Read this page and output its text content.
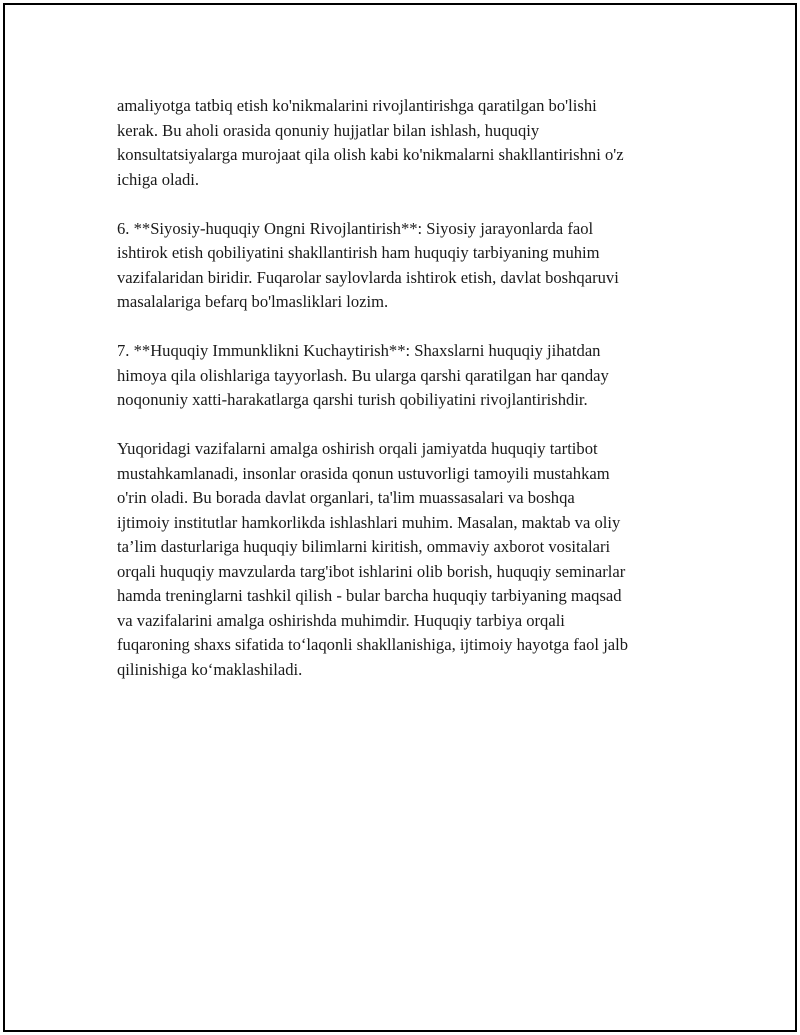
amaliyotga tatbiq etish ko'nikmalarini rivojlantirishga qaratilgan bo'lishi
kerak. Bu aholi orasida qonuniy hujjatlar bilan ishlash, huquqiy
konsultatsiyalarga murojaat qila olish kabi ko'nikmalarni shakllantirishni o'z
ichiga oladi.

6. **Siyosiy-huquqiy Ongni Rivojlantirish**: Siyosiy jarayonlarda faol
ishtirok etish qobiliyatini shakllantirish ham huquqiy tarbiyaning muhim
vazifalaridan biridir. Fuqarolar saylovlarda ishtirok etish, davlat boshqaruvi
masalalariga befarq bo'lmasliklari lozim.

7. **Huquqiy Immunklikni Kuchaytirish**: Shaxslarni huquqiy jihatdan
himoya qila olishlariga tayyorlash. Bu ularga qarshi qaratilgan har qanday
noqonuniy xatti-harakatlarga qarshi turish qobiliyatini rivojlantirishdir.

Yuqoridagi vazifalarni amalga oshirish orqali jamiyatda huquqiy tartibot
mustahkamlanadi, insonlar orasida qonun ustuvorligi tamoyili mustahkam
o'rin oladi. Bu borada davlat organlari, ta'lim muassasalari va boshqa
ijtimoiy institutlar hamkorlikda ishlashlari muhim. Masalan, maktab va oliy
ta’lim dasturlariga huquqiy bilimlarni kiritish, ommaviy axborot vositalari
orqali huquqiy mavzularda targ'ibot ishlarini olib borish, huquqiy seminarlar
hamda treninglarni tashkil qilish - bular barcha huquqiy tarbiyaning maqsad
va vazifalarini amalga oshirishda muhimdir. Huquqiy tarbiya orqali
fuqaroning shaxs sifatida to‘laqonli shakllanishiga, ijtimoiy hayotga faol jalb
qilinishiga ko‘maklashiladi.
